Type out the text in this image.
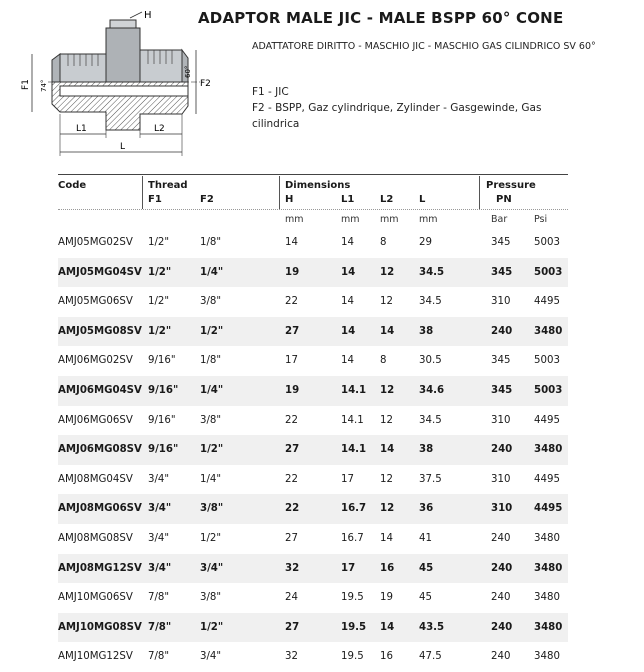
ADAPTOR MALE JIC - MALE BSPP 60° CONE
ADATTATORE DIRITTO - MASCHIO JIC - MASCHIO GAS CILINDRICO SV 60°
F1 - JIC
F2 - BSPP, Gaz cylindrique, Zylinder - Gasgewinde, Gas cilindrica
H
F1 74°	F2
60°
L1	L2
L
Code	Thread
F1	F2
Dimensions
H	L1	L2	L
Pressure
PN
mm	mm mm mm	Bar	Psi
AMJ05MG02SV 1/2"	1/8"	14	14	8	29	345 5003
AMJ05MG04SV 1/2"	1/4"	19	14 12 34.5	345 5003
AMJ05MG06SV 1/2"	3/8"	22	14	12	34.5	310 4495
AMJ05MG08SV 1/2"	1/2"	27	14 14 38	240 3480
AMJ06MG02SV 9/16" 1/8"	17	14	8	30.5	345 5003
AMJ06MG04SV 9/16" 1/4"	19	14.1 12 34.6	345 5003
AMJ06MG06SV 9/16" 3/8"	22	14.1 12	34.5	310 4495
AMJ06MG08SV 9/16" 1/2"	27	14.1 14 38	240 3480
AMJ08MG04SV 3/4"	1/4"	22	17	12	37.5	310 4495
AMJ08MG06SV 3/4"	3/8"	22	16.7 12 36	310 4495
AMJ08MG08SV 3/4"	1/2"	27	16.7 14	41	240 3480
AMJ08MG12SV 3/4"	3/4"	32	17 16 45	240 3480
AMJ10MG06SV 7/8"	3/8"	24	19.5 19	45	240 3480
AMJ10MG08SV 7/8"	1/2"	27	19.5 14 43.5	240 3480
AMJ10MG12SV 7/8"	3/4"	32	19.5 16	47.5	240 3480
